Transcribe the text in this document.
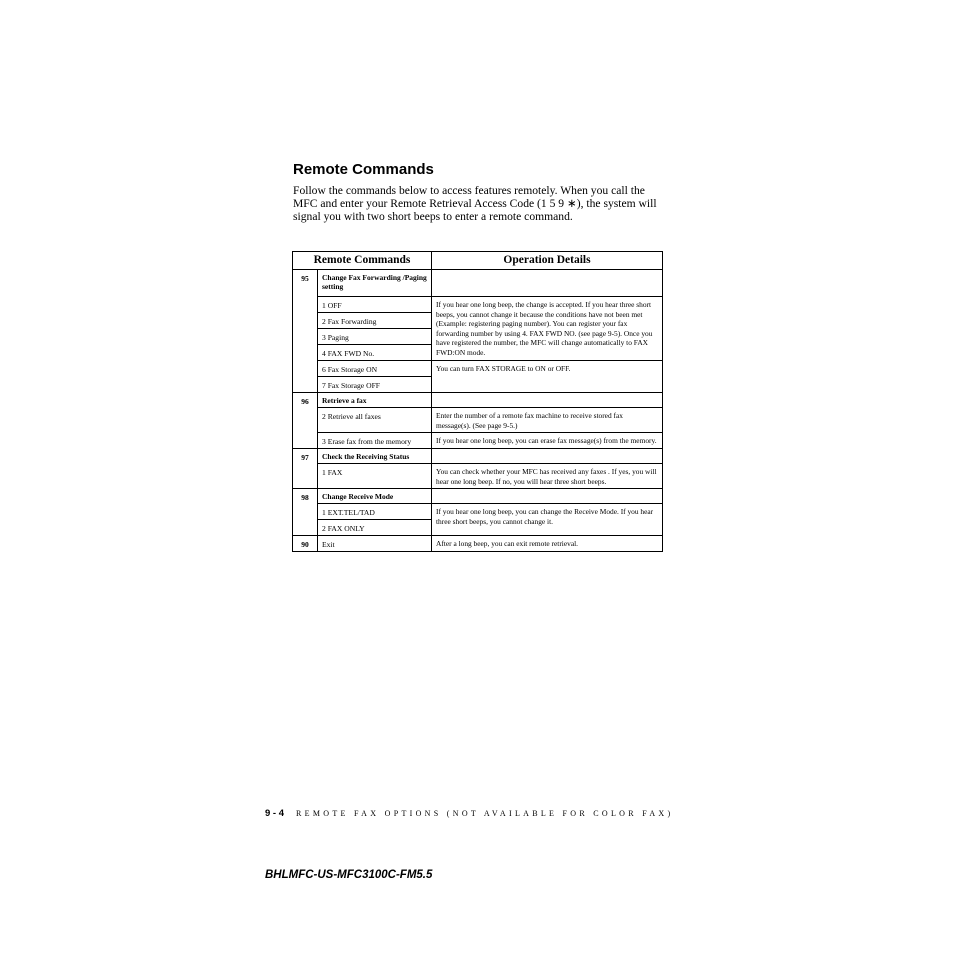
Remote Commands

Follow the commands below to access features remotely. When you call the MFC and enter your Remote Retrieval Access Code (1 5 9 ∗), the system will signal you with two short beeps to enter a remote command.

Remote Commands		Operation Details
95	Change Fax Forwarding /Paging setting	
	1 OFF	If you hear one long beep, the change is accepted. If you hear three short beeps, you cannot change it because the conditions have not been met (Example: registering paging number). You can register your fax forwarding number by using 4. FAX FWD NO. (see page 9-5). Once you have registered the number, the MFC will change automatically to FAX FWD:ON mode.
	2 Fax Forwarding	
	3 Paging	
	4 FAX FWD No.	
	6 Fax Storage ON	You can turn FAX STORAGE to ON or OFF.
	7 Fax Storage OFF	
96	Retrieve a fax	
	2 Retrieve all faxes	Enter the number of a remote fax machine to receive stored fax message(s). (See page 9-5.)
	3 Erase fax from the memory	If you hear one long beep, you can erase fax message(s) from the memory.
97	Check the Receiving Status	
	1 FAX	You can check whether your MFC has received any faxes . If yes, you will hear one long beep. If no, you will hear three short beeps.
98	Change Receive Mode	
	1 EXT.TEL/TAD	If you hear one long beep, you can change the Receive Mode. If you hear three short beeps, you cannot change it.
	2 FAX ONLY	
90	Exit	After a long beep, you can exit remote retrieval.
9 - 4 REMOTE FAX OPTIONS (NOT AVAILABLE FOR COLOR FAX)
BHLMFC-US-MFC3100C-FM5.5
